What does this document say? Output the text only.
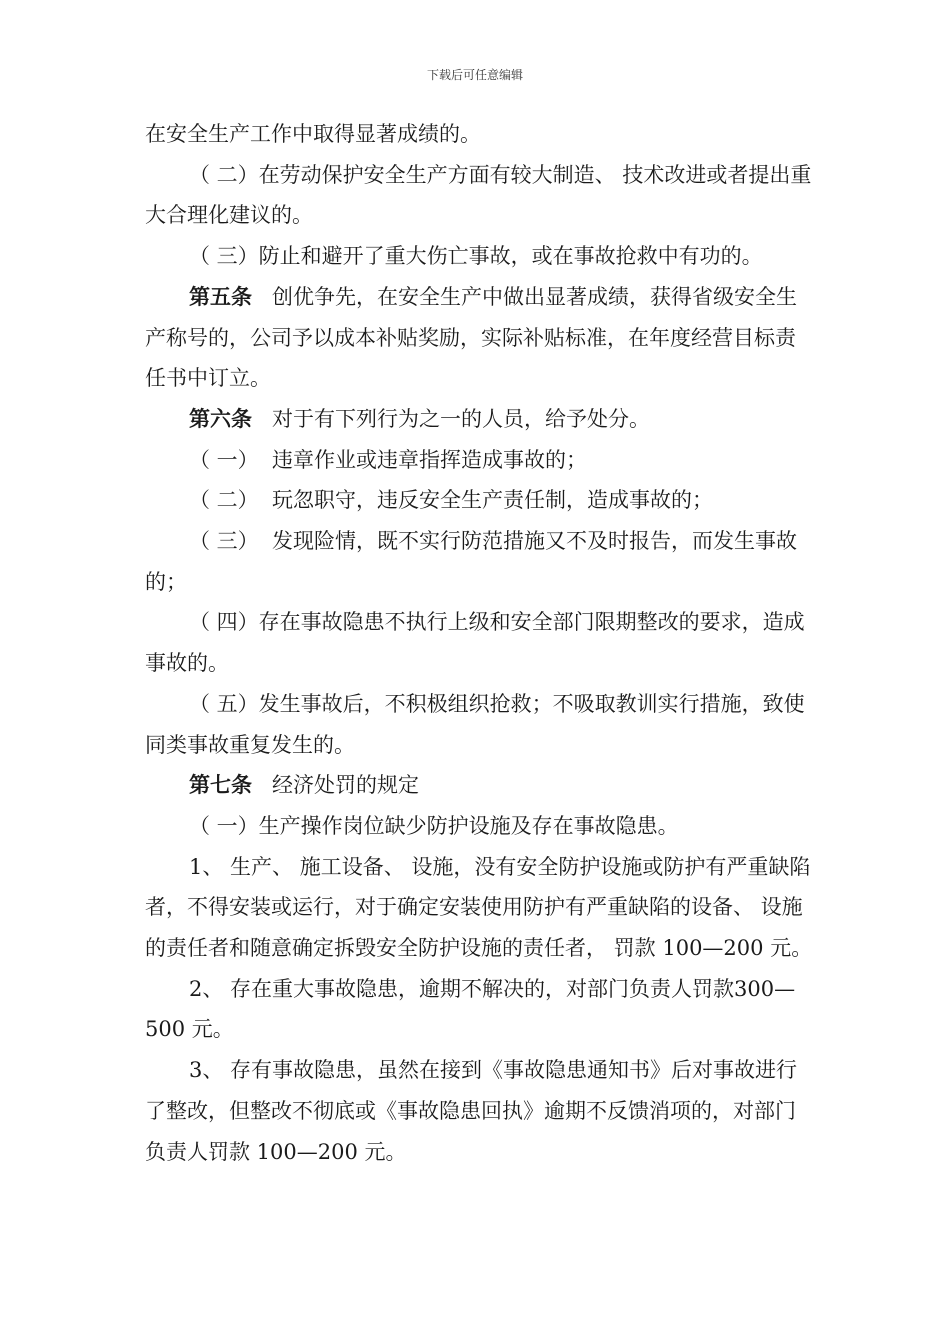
下载后可任意编辑

在安全生产工作中取得显著成绩的。

（ 二）在劳动保护安全生产方面有较大制造、 技术改进或者提出重大合理化建议的。

（ 三）防止和避开了重大伤亡事故，或在事故抢救中有功的。

第五条 创优争先，在安全生产中做出显著成绩，获得省级安全生产称号的，公司予以成本补贴奖励，实际补贴标准，在年度经营目标责任书中订立。

第六条 对于有下列行为之一的人员，给予处分。

（ 一）  违章作业或违章指挥造成事故的；

（ 二）  玩忽职守，违反安全生产责任制，造成事故的；

（ 三）  发现险情，既不实行防范措施又不及时报告，而发生事故的；

（ 四）存在事故隐患不执行上级和安全部门限期整改的要求，造成事故的。

（ 五）发生事故后，不积极组织抢救；不吸取教训实行措施，致使同类事故重复发生的。

第七条 经济处罚的规定

（ 一）生产操作岗位缺少防护设施及存在事故隐患。

1、 生产、 施工设备、 设施，没有安全防护设施或防护有严重缺陷者，不得安装或运行，对于确定安装使用防护有严重缺陷的设备、 设施的责任者和随意确定拆毁安全防护设施的责任者， 罚款 100—200 元。

2、 存在重大事故隐患，逾期不解决的，对部门负责人罚款300—500 元。

3、 存有事故隐患，虽然在接到《事故隐患通知书》后对事故进行了整改，但整改不彻底或《事故隐患回执》逾期不反馈消项的，对部门负责人罚款 100—200 元。
